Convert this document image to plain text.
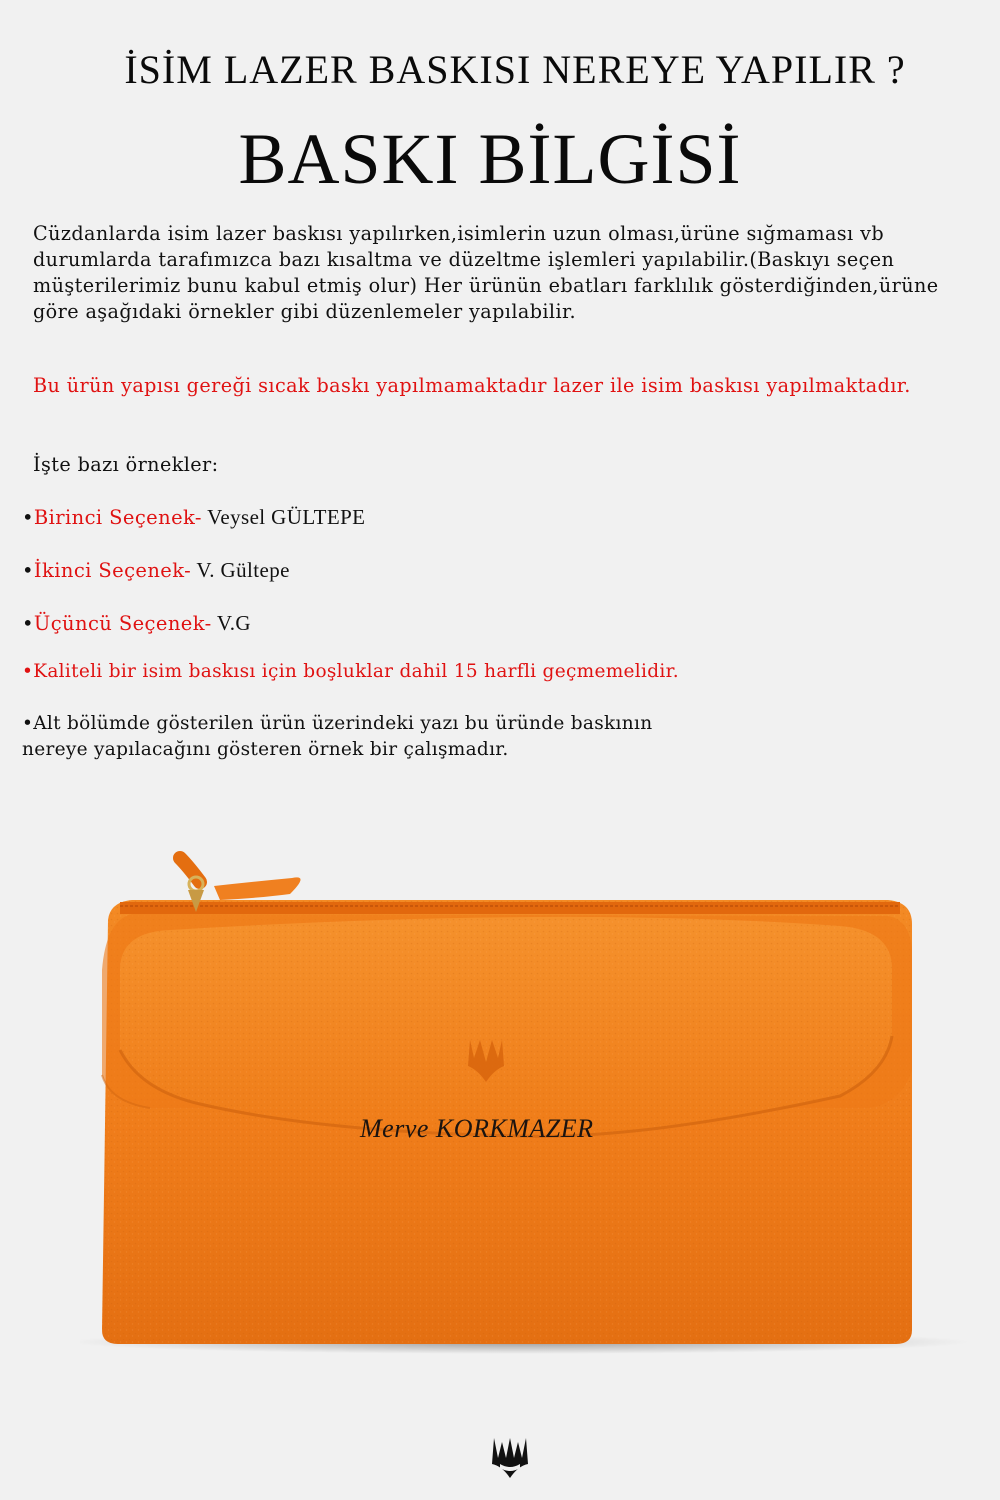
İSİM LAZER BASKISI NEREYE YAPILIR ?
BASKI BİLGİSİ
Cüzdanlarda isim lazer baskısı yapılırken,isimlerin uzun olması,ürüne sığmaması vb durumlarda tarafımızca bazı kısaltma ve düzeltme işlemleri yapılabilir.(Baskıyı seçen müşterilerimiz bunu kabul etmiş olur) Her ürünün ebatları farklılık gösterdiğinden,ürüne göre aşağıdaki örnekler gibi düzenlemeler yapılabilir.
Bu ürün yapısı gereği sıcak baskı yapılmamaktadır lazer ile isim baskısı yapılmaktadır.
İşte bazı örnekler:
•Birinci Seçenek- Veysel GÜLTEPE
•İkinci Seçenek- V. Gültepe
•Üçüncü Seçenek- V.G
•Kaliteli bir isim baskısı için boşluklar dahil 15 harfli geçmemelidir.
•Alt bölümde gösterilen ürün üzerindeki yazı bu üründe baskının
nereye yapılacağını gösteren örnek bir çalışmadır.
Merve KORKMAZER
